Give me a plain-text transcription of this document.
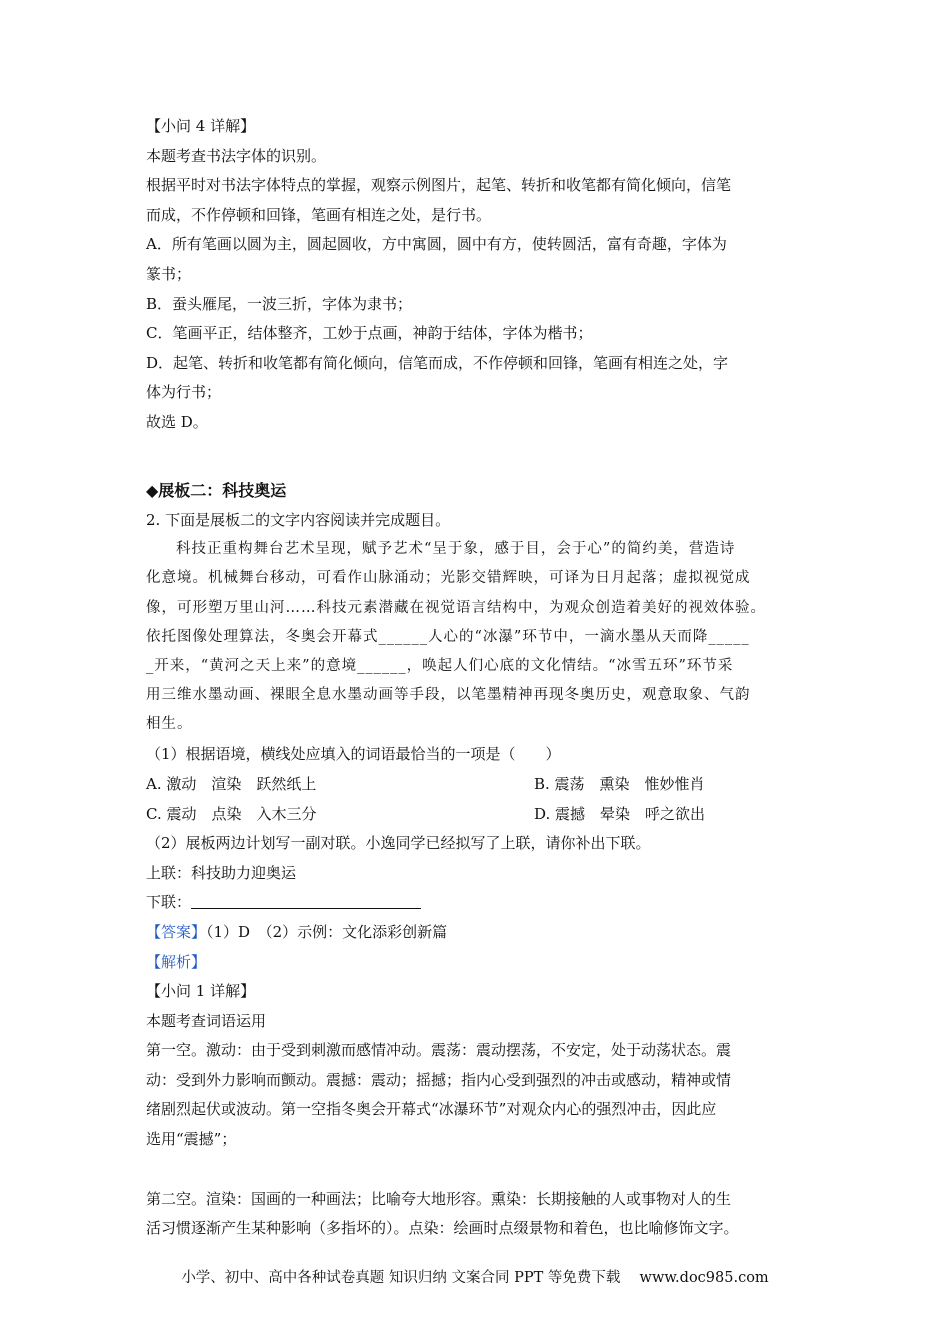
【小问 4 详解】

本题考查书法字体的识别。

根据平时对书法字体特点的掌握，观察示例图片，起笔、转折和收笔都有简化倾向，信笔

而成，不作停顿和回锋，笔画有相连之处，是行书。

A．所有笔画以圆为主，圆起圆收，方中寓圆，圆中有方，使转圆活，富有奇趣，字体为

篆书；

B．蚕头雁尾，一波三折，字体为隶书；

C．笔画平正，结体整齐，工妙于点画，神韵于结体，字体为楷书；

D．起笔、转折和收笔都有简化倾向，信笔而成，不作停顿和回锋，笔画有相连之处，字

体为行书；

故选 D。

◆展板二：科技奥运

2. 下面是展板二的文字内容阅读并完成题目。

科技正重构舞台艺术呈现，赋予艺术“呈于象，感于目，会于心”的简约美，营造诗

化意境。机械舞台移动，可看作山脉涌动；光影交错辉映，可译为日月起落；虚拟视觉成

像，可形塑万里山河……科技元素潜藏在视觉语言结构中，为观众创造着美好的视效体验。

依托图像处理算法，冬奥会开幕式______人心的“冰瀑”环节中，一滴水墨从天而降_____

_开来，“黄河之天上来”的意境______，唤起人们心底的文化情结。“冰雪五环”环节采

用三维水墨动画、裸眼全息水墨动画等手段，以笔墨精神再现冬奥历史，观意取象、气韵

相生。

（1）根据语境，横线处应填入的词语最恰当的一项是（　　）

A. 激动　渲染　跃然纸上	B. 震荡　熏染　惟妙惟肖
C. 震动　点染　入木三分	D. 震撼　晕染　呼之欲出

（2）展板两边计划写一副对联。小逸同学已经拟写了上联，请你补出下联。

上联：科技助力迎奥运

下联：

【答案】（1）D　（2）示例：文化添彩创新篇

【解析】

【小问 1 详解】

本题考查词语运用

第一空。激动：由于受到刺激而感情冲动。震荡：震动摆荡，不安定，处于动荡状态。震

动：受到外力影响而颤动。震撼：震动；摇撼；指内心受到强烈的冲击或感动，精神或情

绪剧烈起伏或波动。第一空指冬奥会开幕式“冰瀑环节”对观众内心的强烈冲击，因此应

选用“震撼”；

第二空。渲染：国画的一种画法；比喻夸大地形容。熏染：长期接触的人或事物对人的生

活习惯逐渐产生某种影响（多指坏的）。点染：绘画时点缀景物和着色，也比喻修饰文字。

小学、初中、高中各种试卷真题 知识归纳 文案合同 PPT 等免费下载　 www.doc985.com
